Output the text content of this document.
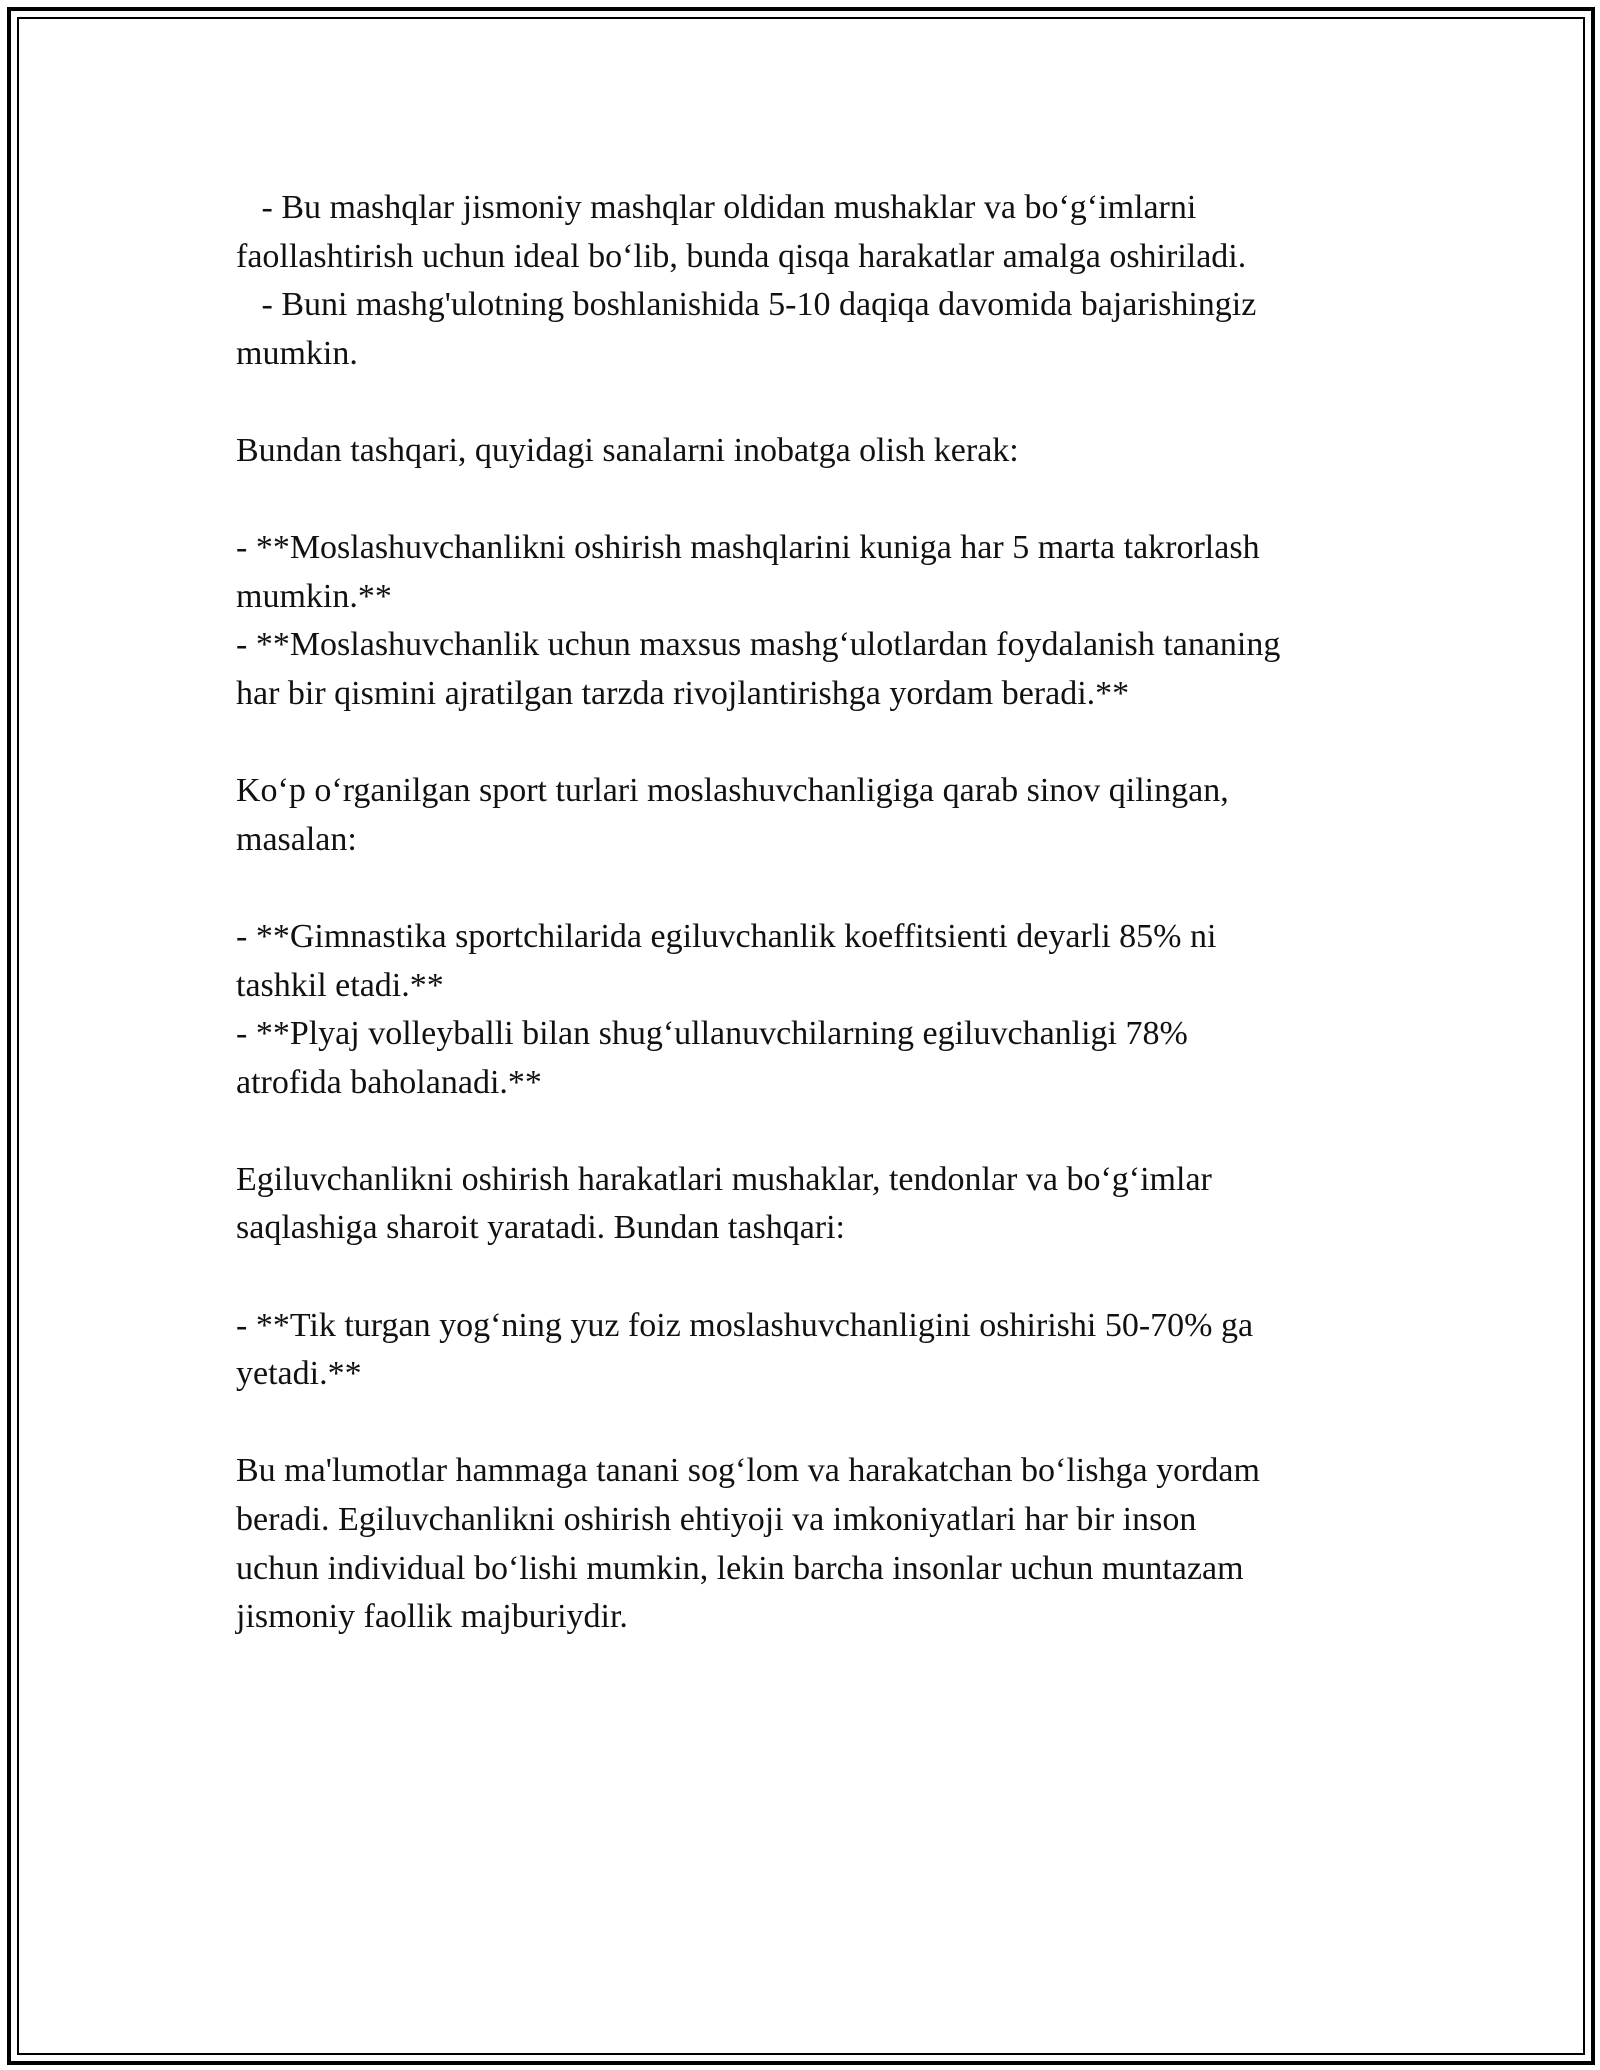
- Bu mashqlar jismoniy mashqlar oldidan mushaklar va bo‘g‘imlarni
faollashtirish uchun ideal bo‘lib, bunda qisqa harakatlar amalga oshiriladi.
- Buni mashg'ulotning boshlanishida 5-10 daqiqa davomida bajarishingiz
mumkin.
Bundan tashqari, quyidagi sanalarni inobatga olish kerak:
- **Moslashuvchanlikni oshirish mashqlarini kuniga har 5 marta takrorlash
mumkin.**
- **Moslashuvchanlik uchun maxsus mashg‘ulotlardan foydalanish tananing
har bir qismini ajratilgan tarzda rivojlantirishga yordam beradi.**
Ko‘p o‘rganilgan sport turlari moslashuvchanligiga qarab sinov qilingan,
masalan:
- **Gimnastika sportchilarida egiluvchanlik koeffitsienti deyarli 85% ni
tashkil etadi.**
- **Plyaj volleyballi bilan shug‘ullanuvchilarning egiluvchanligi 78%
atrofida baholanadi.**
Egiluvchanlikni oshirish harakatlari mushaklar, tendonlar va bo‘g‘imlar
saqlashiga sharoit yaratadi. Bundan tashqari:
- **Tik turgan yog‘ning yuz foiz moslashuvchanligini oshirishi 50-70% ga
yetadi.**
Bu ma'lumotlar hammaga tanani sog‘lom va harakatchan bo‘lishga yordam
beradi. Egiluvchanlikni oshirish ehtiyoji va imkoniyatlari har bir inson
uchun individual bo‘lishi mumkin, lekin barcha insonlar uchun muntazam
jismoniy faollik majburiydir.
